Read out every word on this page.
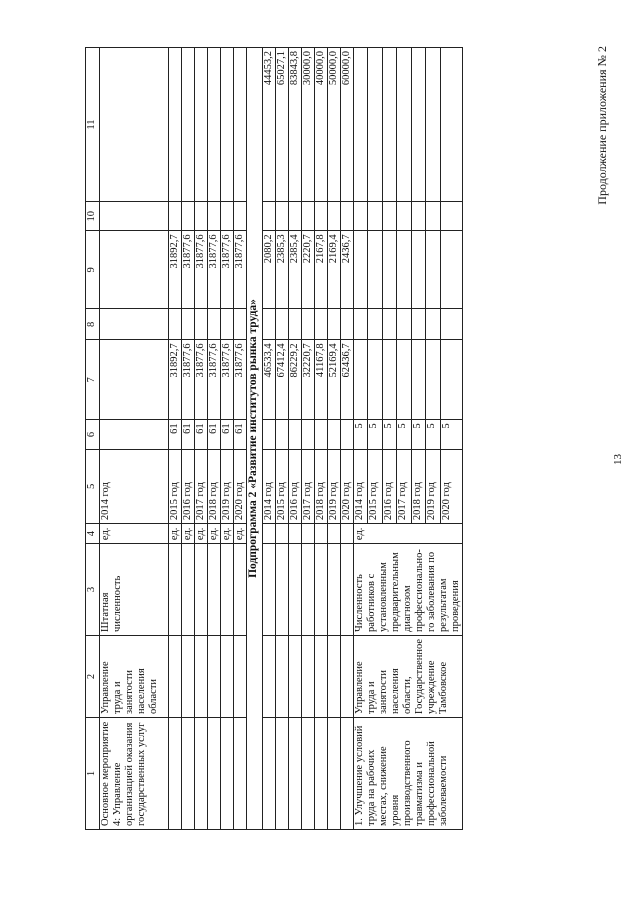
13
Продолжение приложения № 2
1	2	3	4	5	6	7	8	9	10	11
Основное мероприятие 4: Управление организацией оказания государственных услуг	Управление труда и занятости населения области	Штатная численность	ед.	2014 год						
			ед.	2015 год	61	31892,7		31892,7		
			ед.	2016 год	61	31877,6		31877,6		
			ед.	2017 год	61	31877,6		31877,6		
			ед.	2018 год	61	31877,6		31877,6		
			ед.	2019 год	61	31877,6		31877,6		
			ед.	2020 год	61	31877,6		31877,6		
Подпрограмма 2 «Развитие институтов рынка труда»										
				2014 год		46533,4		2080,2		44453,2
				2015 год		67412,4		2385,3		65027,1
				2016 год		86229,2		2385,4		83843,8
				2017 год		32220,7		2220,7		30000,0
				2018 год		41167,8		2167,8		40000,0
				2019 год		52169,4		2169,4		50000,0
				2020 год		62436,7		2436,7		60000,0
1. Улучшение условий труда на рабочих местах, снижение уровня производственного травматизма и профессиональной заболеваемости	Управление труда и занятости населения области, Государственное учреждение Тамбовское	Численность работников с установленным предварительным диагнозом профессионально-го заболевания по результатам проведения	ед.	2014 год	5					
				2015 год	5					
				2016 год	5					
				2017 год	5					
				2018 год	5					
				2019 год	5					
				2020 год	5					
